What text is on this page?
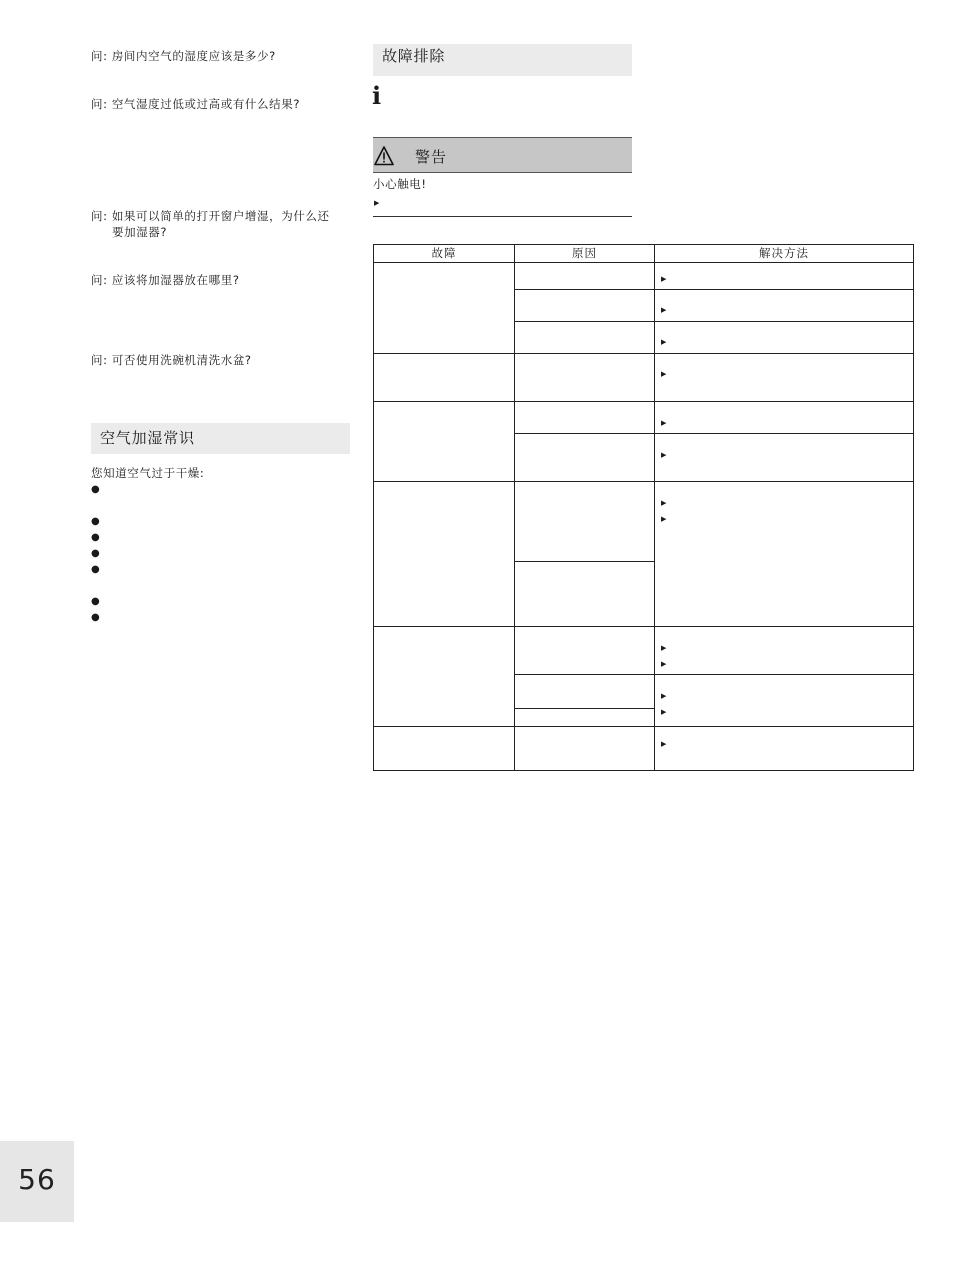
问: 房间内空气的湿度应该是多少?
问: 空气湿度过低或过高或有什么结果?
问: 如果可以简单的打开窗户增湿，为什么还
要加湿器?
问: 应该将加湿器放在哪里?
问: 可否使用洗碗机清洗水盆?
空气加湿常识
您知道空气过于干燥:
●
●
●
●
●
●
●
故障排除
i
警告
小心触电!
▶
故障	原因	解决方法

		▶

		▶

		▶

		▶

		▶

		▶

		▶
▶

		▶
▶

		▶
▶

		▶
56
